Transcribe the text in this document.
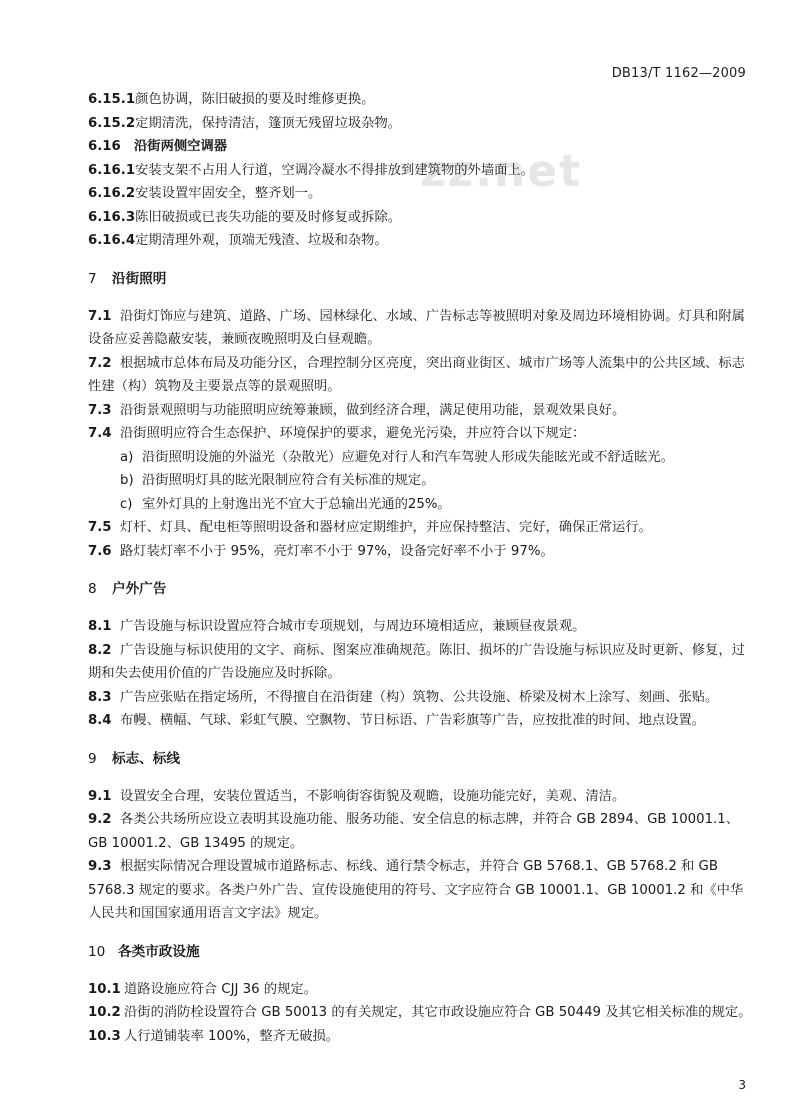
DB13/T 1162—2009
zz.net
6.15.1颜色协调，陈旧破损的要及时维修更换。
6.15.2定期清洗，保持清洁，篷顶无残留垃圾杂物。
6.16 沿街两侧空调器
6.16.1安装支架不占用人行道，空调冷凝水不得排放到建筑物的外墙面上。
6.16.2安装设置牢固安全，整齐划一。
6.16.3陈旧破损或已丧失功能的要及时修复或拆除。
6.16.4定期清理外观，顶端无残渣、垃圾和杂物。
7 沿街照明
7.1 沿街灯饰应与建筑、道路、广场、园林绿化、水域、广告标志等被照明对象及周边环境相协调。灯具和附属设备应妥善隐蔽安装，兼顾夜晚照明及白昼观瞻。
7.2 根据城市总体布局及功能分区，合理控制分区亮度，突出商业街区、城市广场等人流集中的公共区域、标志性建（构）筑物及主要景点等的景观照明。
7.3 沿街景观照明与功能照明应统筹兼顾，做到经济合理，满足使用功能，景观效果良好。
7.4 沿街照明应符合生态保护、环境保护的要求，避免光污染，并应符合以下规定：
a) 沿街照明设施的外溢光（杂散光）应避免对行人和汽车驾驶人形成失能眩光或不舒适眩光。
b) 沿街照明灯具的眩光限制应符合有关标准的规定。
c) 室外灯具的上射逸出光不宜大于总输出光通的25%。
7.5 灯杆、灯具、配电柜等照明设备和器材应定期维护，并应保持整洁、完好，确保正常运行。
7.6 路灯装灯率不小于 95%，亮灯率不小于 97%，设备完好率不小于 97%。
8 户外广告
8.1 广告设施与标识设置应符合城市专项规划，与周边环境相适应，兼顾昼夜景观。
8.2 广告设施与标识使用的文字、商标、图案应准确规范。陈旧、损坏的广告设施与标识应及时更新、修复，过期和失去使用价值的广告设施应及时拆除。
8.3 广告应张贴在指定场所，不得擅自在沿街建（构）筑物、公共设施、桥梁及树木上涂写、刻画、张贴。
8.4 布幔、横幅、气球、彩虹气膜、空飘物、节日标语、广告彩旗等广告，应按批准的时间、地点设置。
9 标志、标线
9.1 设置安全合理，安装位置适当，不影响街容街貌及观瞻，设施功能完好，美观、清洁。
9.2 各类公共场所应设立表明其设施功能、服务功能、安全信息的标志牌，并符合 GB 2894、GB 10001.1、GB 10001.2、GB 13495 的规定。
9.3 根据实际情况合理设置城市道路标志、标线、通行禁令标志，并符合 GB 5768.1、GB 5768.2 和 GB 5768.3 规定的要求。各类户外广告、宣传设施使用的符号、文字应符合 GB 10001.1、GB 10001.2 和《中华人民共和国国家通用语言文字法》规定。
10 各类市政设施
10.1 道路设施应符合 CJJ 36 的规定。
10.2 沿街的消防栓设置符合 GB 50013 的有关规定，其它市政设施应符合 GB 50449 及其它相关标准的规定。
10.3 人行道铺装率 100%，整齐无破损。
3
